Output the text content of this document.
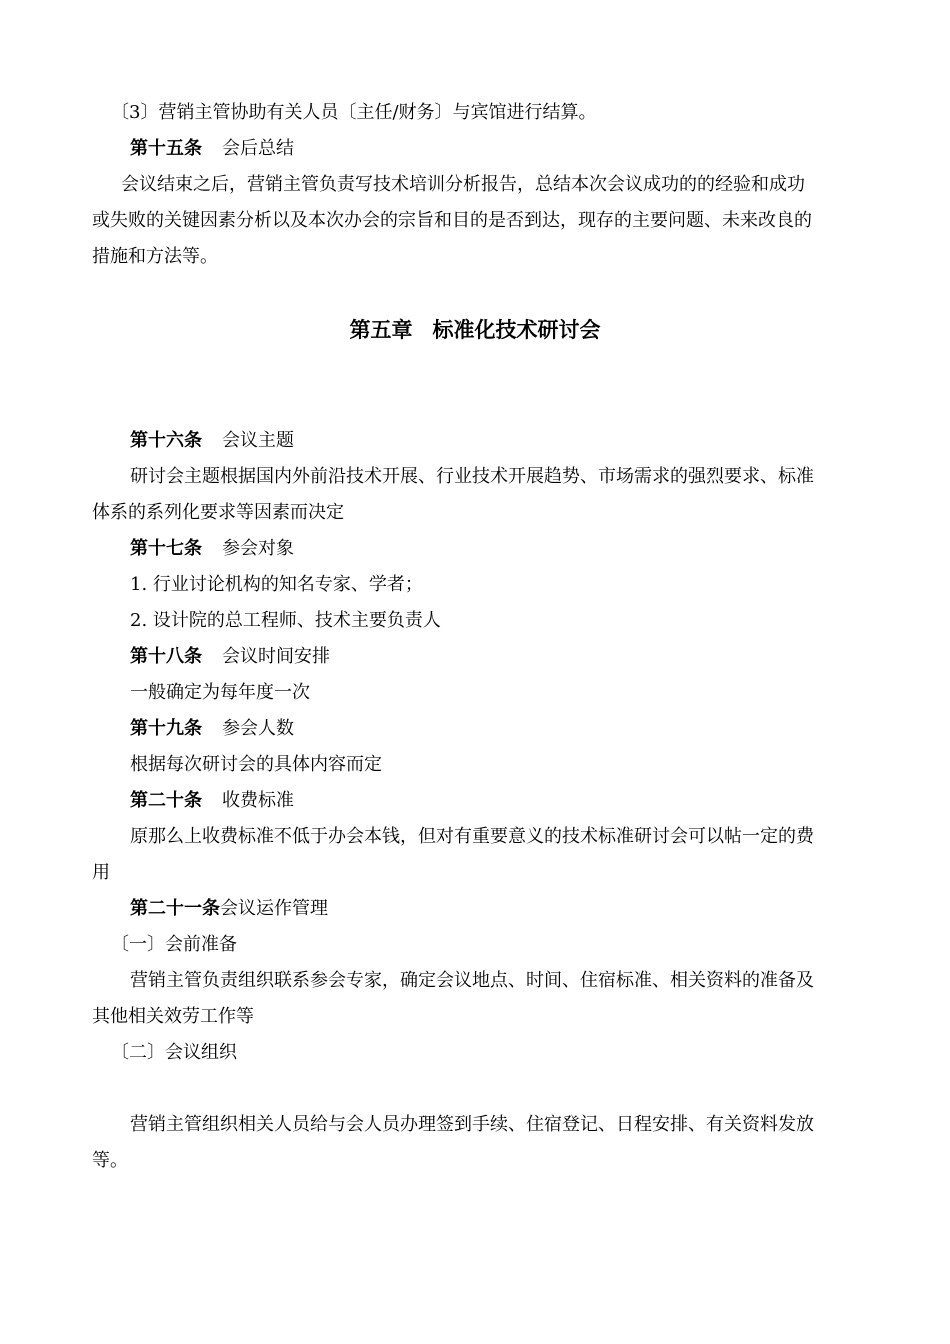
〔3〕营销主管协助有关人员〔主任/财务〕与宾馆进行结算。
第十五条 会后总结
会议结束之后，营销主管负责写技术培训分析报告，总结本次会议成功的的经验和成功
或失败的关键因素分析以及本次办会的宗旨和目的是否到达，现存的主要问题、未来改良的
措施和方法等。
第五章 标准化技术研讨会
第十六条 会议主题
研讨会主题根据国内外前沿技术开展、行业技术开展趋势、市场需求的强烈要求、标准
体系的系列化要求等因素而决定
第十七条 参会对象
1. 行业讨论机构的知名专家、学者；
2. 设计院的总工程师、技术主要负责人
第十八条 会议时间安排
一般确定为每年度一次
第十九条 参会人数
根据每次研讨会的具体内容而定
第二十条 收费标准
原那么上收费标准不低于办会本钱，但对有重要意义的技术标准研讨会可以帖一定的费
用
第二十一条会议运作管理
〔一〕会前准备
营销主管负责组织联系参会专家，确定会议地点、时间、住宿标准、相关资料的准备及
其他相关效劳工作等
〔二〕会议组织
营销主管组织相关人员给与会人员办理签到手续、住宿登记、日程安排、有关资料发放
等。
